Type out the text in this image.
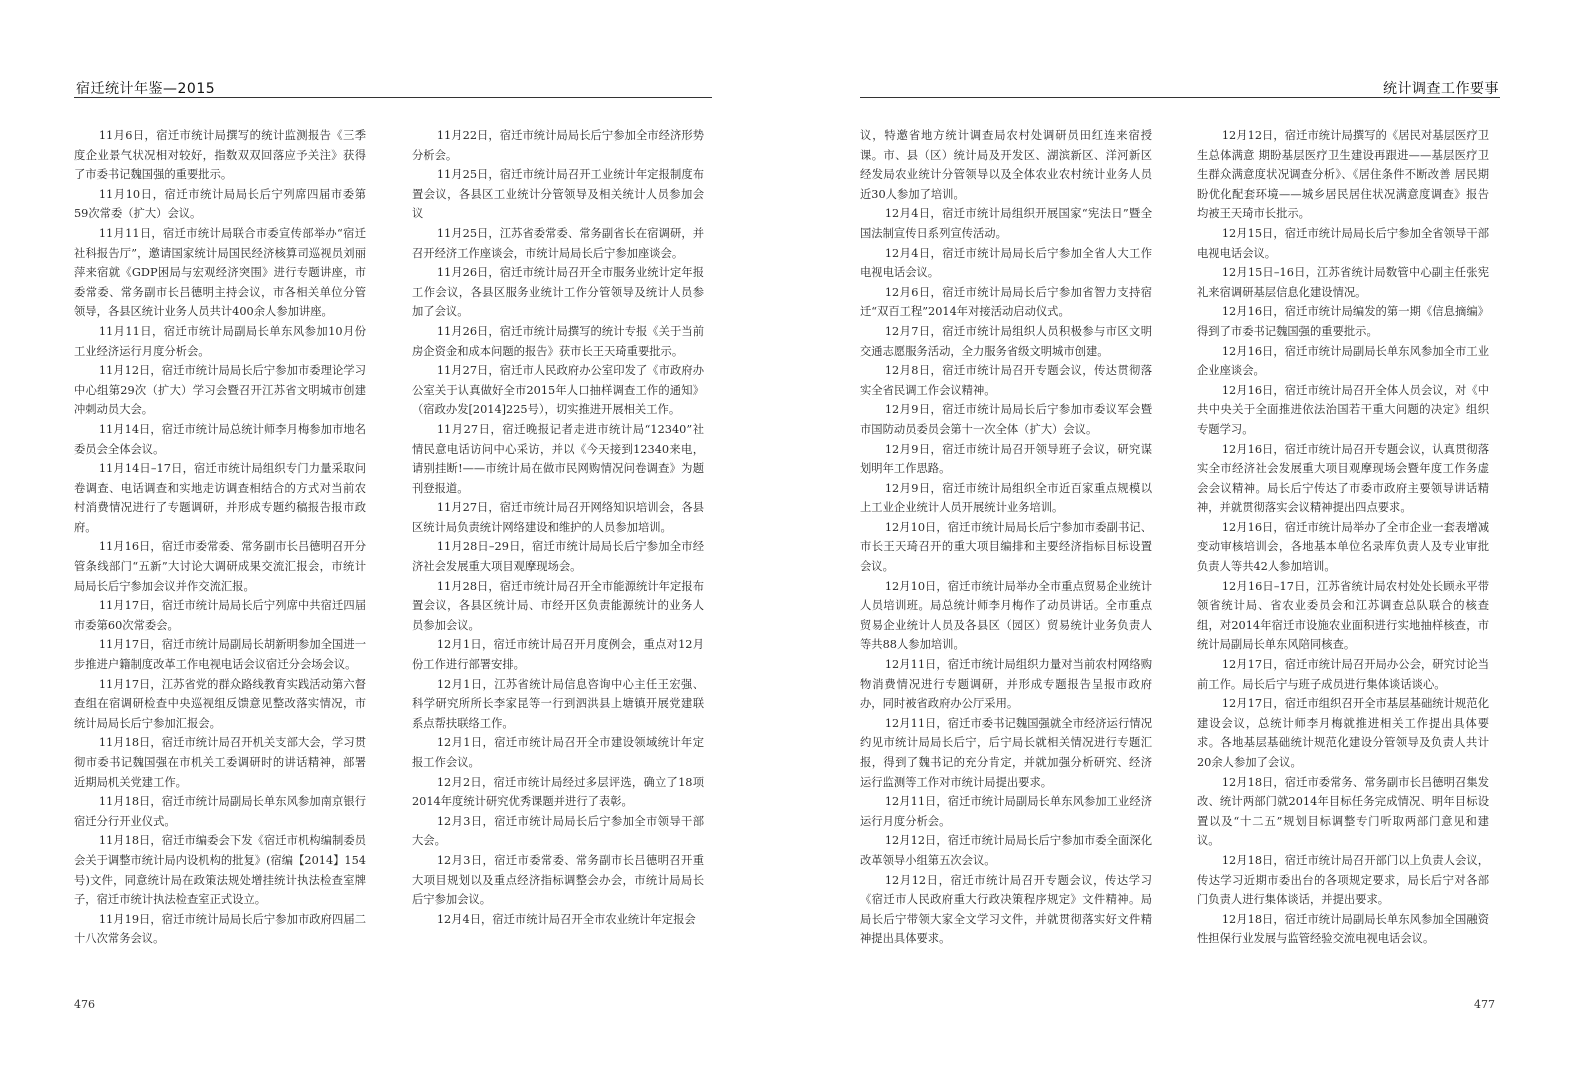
宿迁统计年鉴—2015

11月6日，宿迁市统计局撰写的统计监测报告《三季度企业景气状况相对较好，指数双双回落应予关注》获得了市委书记魏国强的重要批示。

11月10日，宿迁市统计局局长后宁列席四届市委第59次常委（扩大）会议。

11月11日，宿迁市统计局联合市委宣传部举办“宿迁社科报告厅”，邀请国家统计局国民经济核算司巡视员刘丽萍来宿就《GDP困局与宏观经济突围》进行专题讲座，市委常委、常务副市长吕德明主持会议，市各相关单位分管领导，各县区统计业务人员共计400余人参加讲座。

11月11日，宿迁市统计局副局长单东风参加10月份工业经济运行月度分析会。

11月12日，宿迁市统计局局长后宁参加市委理论学习中心组第29次（扩大）学习会暨召开江苏省文明城市创建冲刺动员大会。

11月14日，宿迁市统计局总统计师李月梅参加市地名委员会全体会议。

11月14日–17日，宿迁市统计局组织专门力量采取问卷调查、电话调查和实地走访调查相结合的方式对当前农村消费情况进行了专题调研，并形成专题约稿报告报市政府。

11月16日，宿迁市委常委、常务副市长吕德明召开分管条线部门“五新”大讨论大调研成果交流汇报会，市统计局局长后宁参加会议并作交流汇报。

11月17日，宿迁市统计局局长后宁列席中共宿迁四届市委第60次常委会。

11月17日，宿迁市统计局副局长胡新明参加全国进一步推进户籍制度改革工作电视电话会议宿迁分会场会议。

11月17日，江苏省党的群众路线教育实践活动第六督查组在宿调研检查中央巡视组反馈意见整改落实情况，市统计局局长后宁参加汇报会。

11月18日，宿迁市统计局召开机关支部大会，学习贯彻市委书记魏国强在市机关工委调研时的讲话精神，部署近期局机关党建工作。

11月18日，宿迁市统计局副局长单东风参加南京银行宿迁分行开业仪式。

11月18日，宿迁市编委会下发《宿迁市机构编制委员会关于调整市统计局内设机构的批复》(宿编【2014】154号)文件，同意统计局在政策法规处增挂统计执法检查室牌子，宿迁市统计执法检查室正式设立。

11月19日，宿迁市统计局局长后宁参加市政府四届二十八次常务会议。

11月22日，宿迁市统计局局长后宁参加全市经济形势分析会。

11月25日，宿迁市统计局召开工业统计年定报制度布置会议，各县区工业统计分管领导及相关统计人员参加会议

11月25日，江苏省委常委、常务副省长在宿调研，并召开经济工作座谈会，市统计局局长后宁参加座谈会。

11月26日，宿迁市统计局召开全市服务业统计定年报工作会议，各县区服务业统计工作分管领导及统计人员参加了会议。

11月26日，宿迁市统计局撰写的统计专报《关于当前房企资金和成本问题的报告》获市长王天琦重要批示。

11月27日，宿迁市人民政府办公室印发了《市政府办公室关于认真做好全市2015年人口抽样调查工作的通知》（宿政办发[2014]225号），切实推进开展相关工作。

11月27日，宿迁晚报记者走进市统计局“12340”社情民意电话访问中心采访，并以《今天接到12340来电，请别挂断!——市统计局在做市民网购情况问卷调查》为题刊登报道。

11月27日，宿迁市统计局召开网络知识培训会，各县区统计局负责统计网络建设和维护的人员参加培训。

11月28日–29日，宿迁市统计局局长后宁参加全市经济社会发展重大项目观摩现场会。

11月28日，宿迁市统计局召开全市能源统计年定报布置会议，各县区统计局、市经开区负责能源统计的业务人员参加会议。

12月1日，宿迁市统计局召开月度例会，重点对12月份工作进行部署安排。

12月1日，江苏省统计局信息咨询中心主任王宏强、科学研究所所长李家昆等一行到泗洪县上塘镇开展党建联系点帮扶联络工作。

12月1日，宿迁市统计局召开全市建设领域统计年定报工作会议。

12月2日，宿迁市统计局经过多层评选，确立了18项2014年度统计研究优秀课题并进行了表彰。

12月3日，宿迁市统计局局长后宁参加全市领导干部大会。

12月3日，宿迁市委常委、常务副市长吕德明召开重大项目规划以及重点经济指标调整会办会，市统计局局长后宁参加会议。

12月4日，宿迁市统计局召开全市农业统计年定报会

476
统计调查工作要事

议，特邀省地方统计调查局农村处调研员田红连来宿授课。市、县（区）统计局及开发区、湖滨新区、洋河新区经发局农业统计分管领导以及全体农业农村统计业务人员近30人参加了培训。

12月4日，宿迁市统计局组织开展国家“宪法日”暨全国法制宣传日系列宣传活动。

12月4日，宿迁市统计局局长后宁参加全省人大工作电视电话会议。

12月6日，宿迁市统计局局长后宁参加省智力支持宿迁“双百工程”2014年对接活动启动仪式。

12月7日，宿迁市统计局组织人员积极参与市区文明交通志愿服务活动，全力服务省级文明城市创建。

12月8日，宿迁市统计局召开专题会议，传达贯彻落实全省民调工作会议精神。

12月9日，宿迁市统计局局长后宁参加市委议军会暨市国防动员委员会第十一次全体（扩大）会议。

12月9日，宿迁市统计局召开领导班子会议，研究谋划明年工作思路。

12月9日，宿迁市统计局组织全市近百家重点规模以上工业企业统计人员开展统计业务培训。

12月10日，宿迁市统计局局长后宁参加市委副书记、市长王天琦召开的重大项目编排和主要经济指标目标设置会议。

12月10日，宿迁市统计局举办全市重点贸易企业统计人员培训班。局总统计师李月梅作了动员讲话。全市重点贸易企业统计人员及各县区（园区）贸易统计业务负责人等共88人参加培训。

12月11日，宿迁市统计局组织力量对当前农村网络购物消费情况进行专题调研，并形成专题报告呈报市政府办，同时被省政府办公厅采用。

12月11日，宿迁市委书记魏国强就全市经济运行情况约见市统计局局长后宁，后宁局长就相关情况进行专题汇报，得到了魏书记的充分肯定，并就加强分析研究、经济运行监测等工作对市统计局提出要求。

12月11日，宿迁市统计局副局长单东风参加工业经济运行月度分析会。

12月12日，宿迁市统计局局长后宁参加市委全面深化改革领导小组第五次会议。

12月12日，宿迁市统计局召开专题会议，传达学习《宿迁市人民政府重大行政决策程序规定》文件精神。局局长后宁带领大家全文学习文件，并就贯彻落实好文件精神提出具体要求。

12月12日，宿迁市统计局撰写的《居民对基层医疗卫生总体满意 期盼基层医疗卫生建设再跟进——基层医疗卫生群众满意度状况调查分析》、《居住条件不断改善 居民期盼优化配套环境——城乡居民居住状况满意度调查》报告均被王天琦市长批示。

12月15日，宿迁市统计局局长后宁参加全省领导干部电视电话会议。

12月15日–16日，江苏省统计局数管中心副主任张宪礼来宿调研基层信息化建设情况。

12月16日，宿迁市统计局编发的第一期《信息摘编》得到了市委书记魏国强的重要批示。

12月16日，宿迁市统计局副局长单东风参加全市工业企业座谈会。

12月16日，宿迁市统计局召开全体人员会议，对《中共中央关于全面推进依法治国若干重大问题的决定》组织专题学习。

12月16日，宿迁市统计局召开专题会议，认真贯彻落实全市经济社会发展重大项目观摩现场会暨年度工作务虚会会议精神。局长后宁传达了市委市政府主要领导讲话精神，并就贯彻落实会议精神提出四点要求。

12月16日，宿迁市统计局举办了全市企业一套表增减变动审核培训会，各地基本单位名录库负责人及专业审批负责人等共42人参加培训。

12月16日–17日，江苏省统计局农村处处长顾永平带领省统计局、省农业委员会和江苏调查总队联合的核查组，对2014年宿迁市设施农业面积进行实地抽样核查，市统计局副局长单东风陪同核查。

12月17日，宿迁市统计局召开局办公会，研究讨论当前工作。局长后宁与班子成员进行集体谈话谈心。

12月17日，宿迁市组织召开全市基层基础统计规范化建设会议，总统计师李月梅就推进相关工作提出具体要求。各地基层基础统计规范化建设分管领导及负责人共计20余人参加了会议。

12月18日，宿迁市委常务、常务副市长吕德明召集发改、统计两部门就2014年目标任务完成情况、明年目标设置以及“十二五”规划目标调整专门听取两部门意见和建议。

12月18日，宿迁市统计局召开部门以上负责人会议，传达学习近期市委出台的各项规定要求，局长后宁对各部门负责人进行集体谈话，并提出要求。

12月18日，宿迁市统计局副局长单东风参加全国融资性担保行业发展与监管经验交流电视电话会议。

477
